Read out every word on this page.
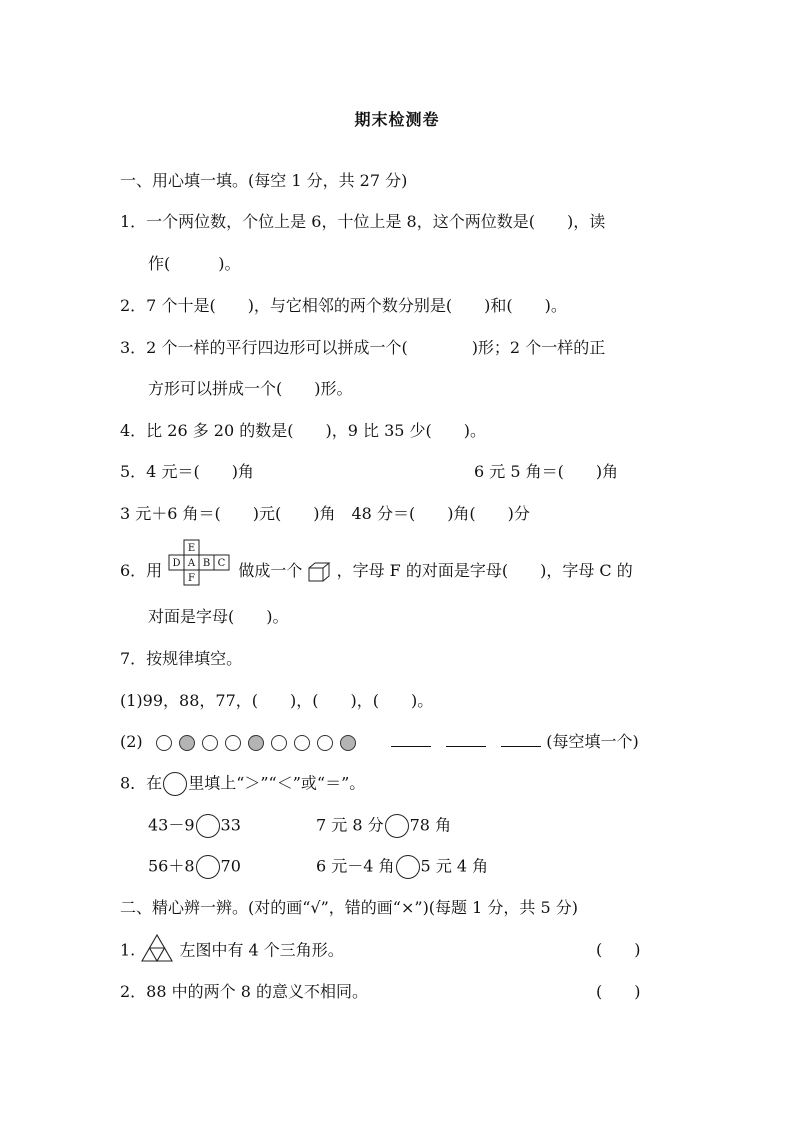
期末检测卷
一、用心填一填。(每空 1 分，共 27 分)
1．一个两位数，个位上是 6，十位上是 8，这个两位数是(　　)，读
作(　　　)。
2．7 个十是(　　)，与它相邻的两个数分别是(　　)和(　　)。
3．2 个一样的平行四边形可以拼成一个(　　　　)形；2 个一样的正
方形可以拼成一个(　　)形。
4．比 26 多 20 的数是(　　)，9 比 35 少(　　)。
5．4 元＝(　　)角	6 元 5 角＝(　　)角
3 元＋6 角＝(　　)元(　　)角　48 分＝(　　)角(　　)分
6．用
E
D A B C
F	做成一个 ，字母 F 的对面是字母(　　)，字母 C 的
对面是字母(　　)。
7．按规律填空。
(1)99，88，77，(　　)，(　　)，(　　)。
(2)	(每空填一个)
8．在 里填上“＞”“＜”或“＝”。
43－9 33	7 元 8 分 78 角
56＋8 70	6 元－4 角 5 元 4 角
二、精心辨一辨。(对的画“√”，错的画“×”)(每题 1 分，共 5 分)
1.	左图中有 4 个三角形。	(　　)
2．88 中的两个 8 的意义不相同。	(　　)
